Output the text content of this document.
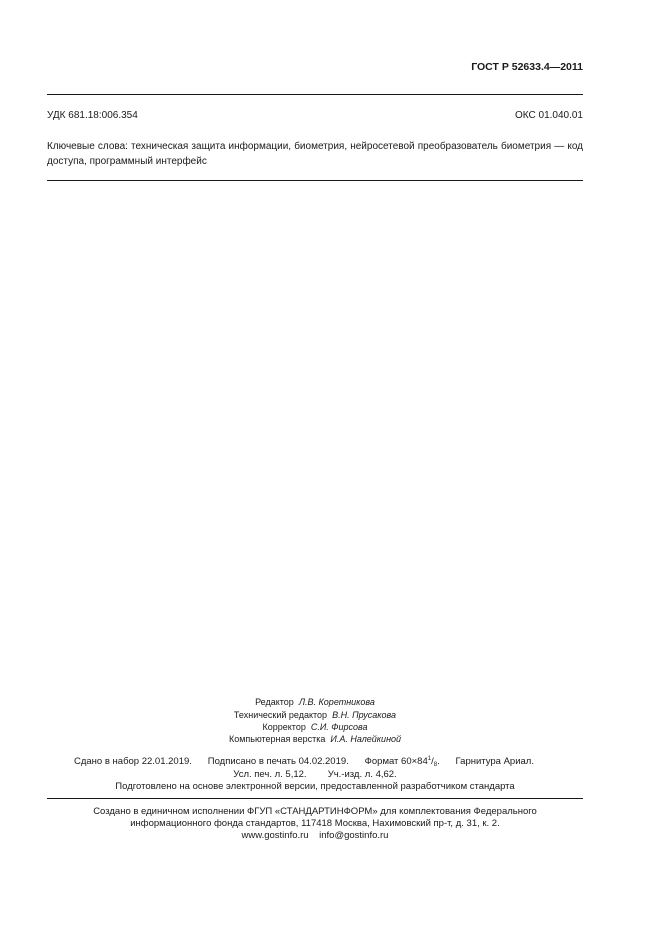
ГОСТ Р 52633.4—2011
УДК 681.18:006.354	ОКС 01.040.01
Ключевые слова: техническая защита информации, биометрия, нейросетевой преобразователь биометрия — код доступа, программный интерфейс
Редактор Л.В. Коретникова
Технический редактор В.Н. Прусакова
Корректор С.И. Фирсова
Компьютерная верстка И.А. Налейкиной
Сдано в набор 22.01.2019. Подписано в печать 04.02.2019. Формат $60\times 84^1/_8$. Гарнитура Ариал.
Усл. печ. л. 5,12. Уч.-изд. л. 4,62.
Подготовлено на основе электронной версии, предоставленной разработчиком стандарта
Создано в единичном исполнении ФГУП «СТАНДАРТИНФОРМ» для комплектования Федерального
информационного фонда стандартов, 117418 Москва, Нахимовский пр-т, д. 31, к. 2.
www.gostinfo.ru info@gostinfo.ru
